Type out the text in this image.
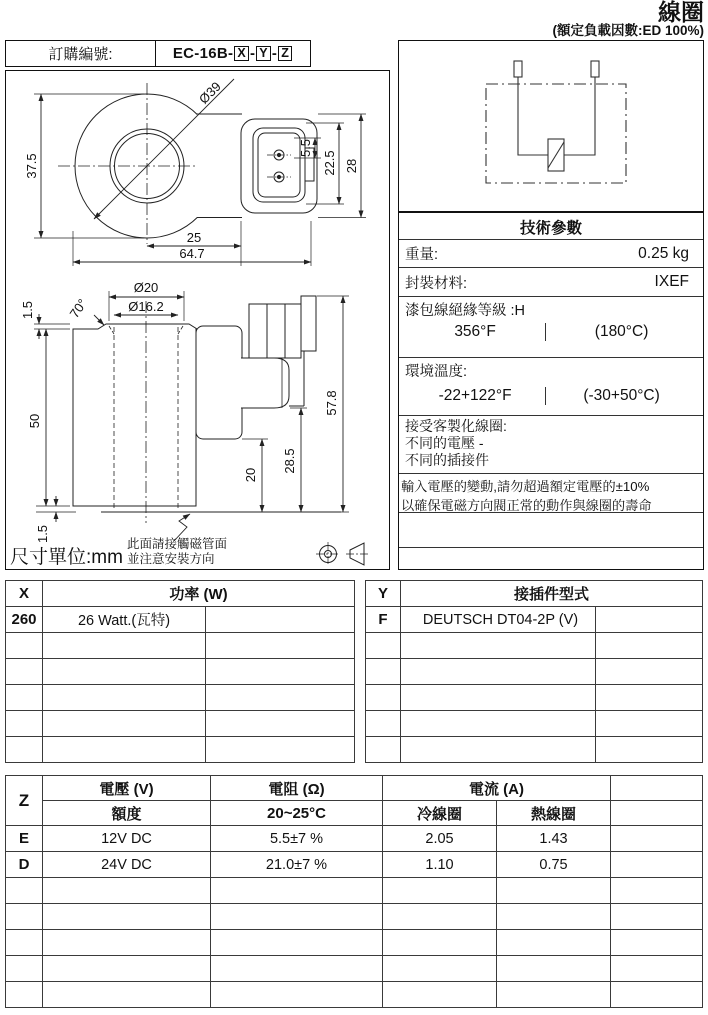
線圈
(額定負載因數:ED 100%)
訂購編號:	EC-16B- X - Y - Z
37.5
Ø39
5.5
22.5 28
25
64.7
Ø20
Ø16.2
70°
1.5
50
1.5
20
28.5
57.8
此面請接觸磁管面
並注意安裝方向
尺寸單位:mm
技術參數
重量:	0.25 kg
封裝材料:	IXEF
漆包線絕緣等級 :H
356°F	(180°C)
環境溫度:
-22+122°F	(-30+50°C)
接受客製化線圈:
不同的電壓 -
不同的插接件
輸入電壓的變動,請勿超過額定電壓的±10%
以確保電磁方向閥正常的動作與線圈的壽命
X	功率 (W)	
260	26 Watt.(瓦特)	

Y	接插件型式	
F	DEUTSCH DT04-2P (V)	

Z	電壓 (V)	電阻 (Ω)	電流 (A)		
	額度	20~25°C	冷線圈	熱線圈	
E	12V DC	5.5±7 %	2.05	1.43	
D	24V DC	21.0±7 %	1.10	0.75	
